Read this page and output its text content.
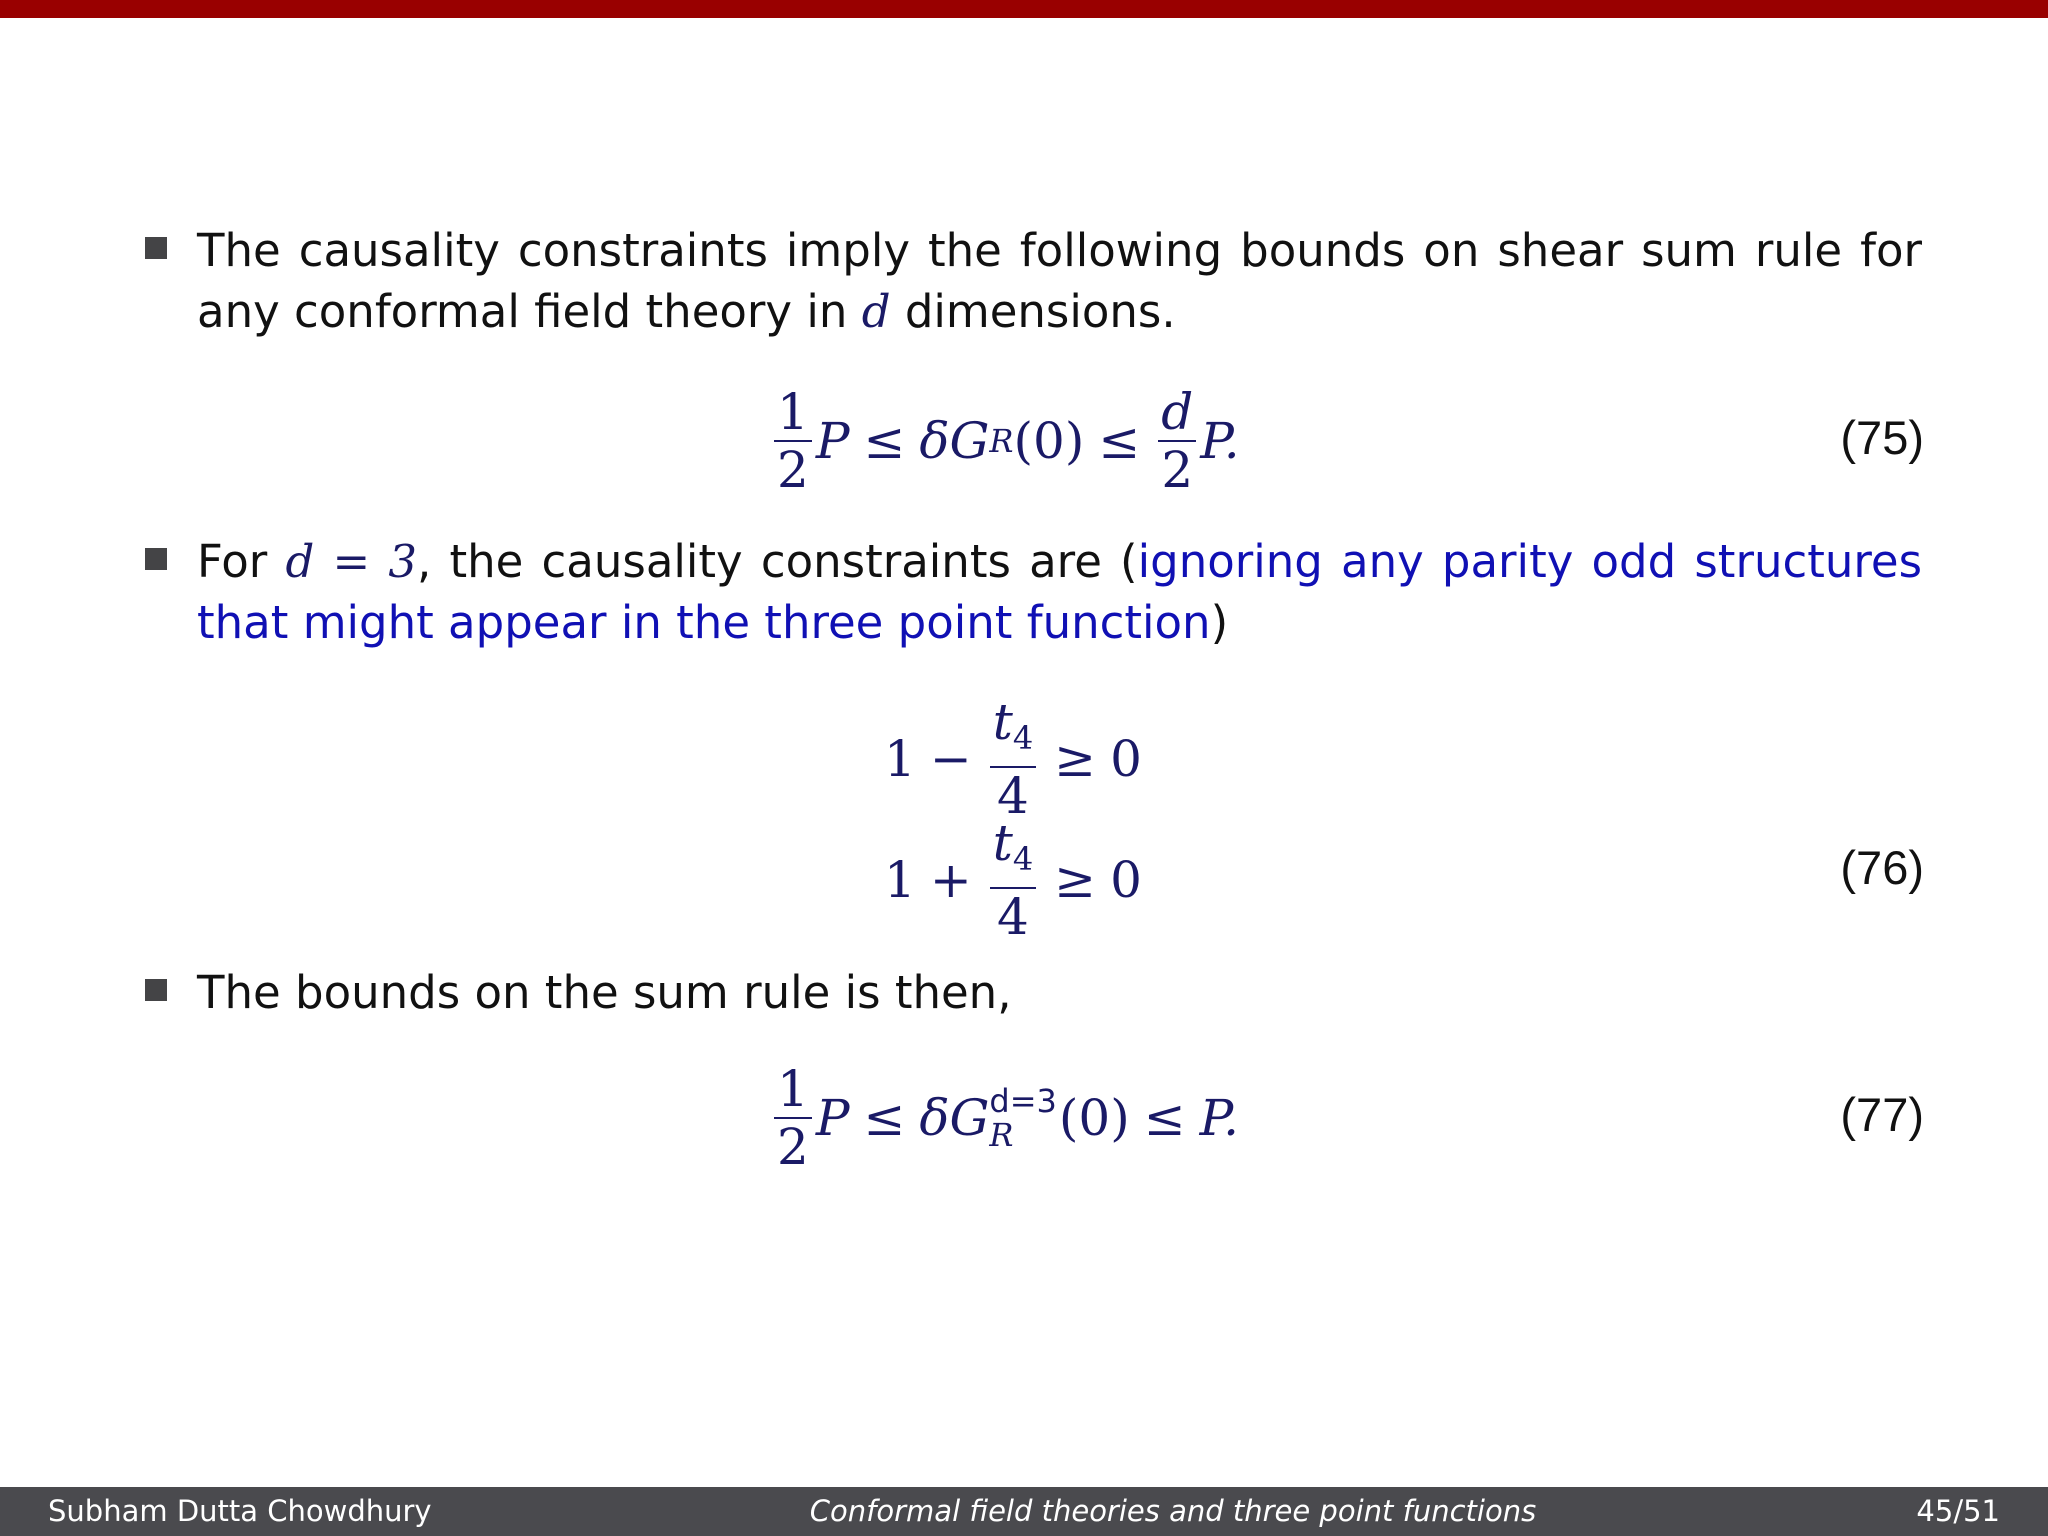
The causality constraints imply the following bounds on shear sum rule for any conformal field theory in d dimensions.
$\frac{1}{2}$ P ≤ δG R $(0) \le \frac{d}{2} P$.	(75)
For d = 3, the causality constraints are (ignoring any parity odd structures that might appear in the three point function)
$1 - \frac{t_4}{4} \ge 0$
$1 + \frac{t_4}{4} \ge 0$	(76)
The bounds on the sum rule is then,
$\frac{1}{2}$ P ≤ δG d=3
R (0) ≤ P.	(77)
Subham Dutta Chowdhury	Conformal field theories and three point functions	45/51
